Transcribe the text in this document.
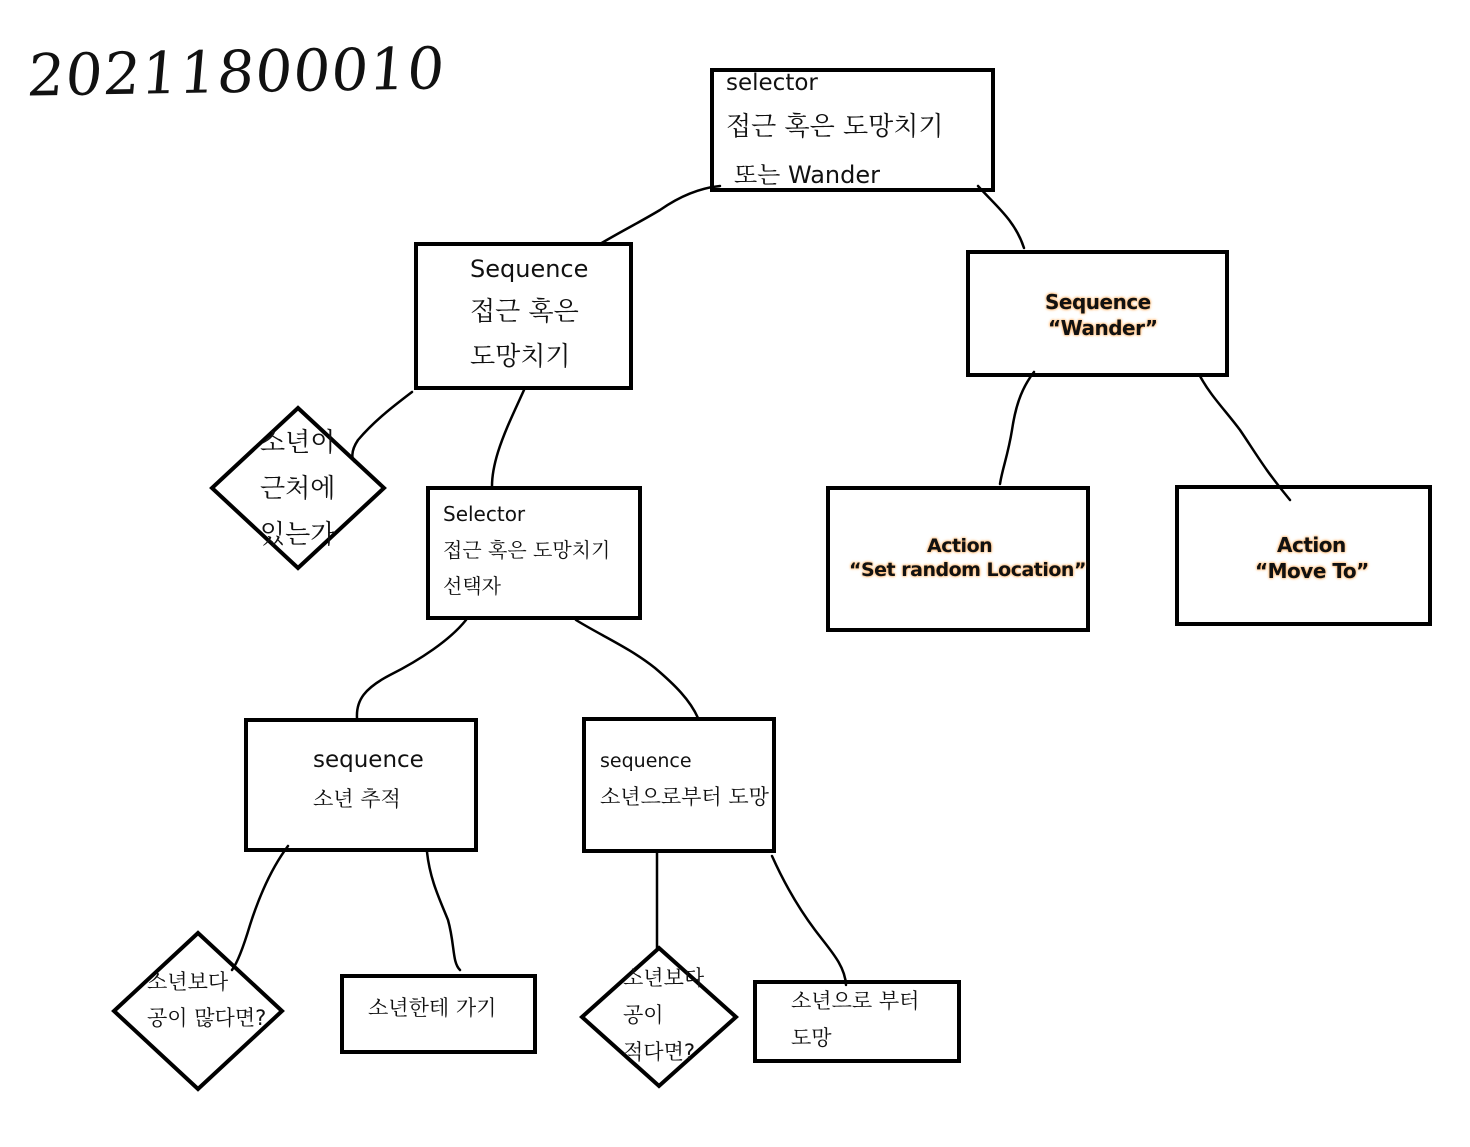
20211800010	selector
접근 혹은 도망치기
또는 Wander
Sequence
접근 혹은
도망치기
소년이
근처에
있는가
Selector
접근 혹은 도망치기
선택자
sequence
소년 추적
sequence
소년으로부터 도망
소년보다
공이 많다면?	소년한테 가기
소년보다
공이
적다면?
소년으로 부터
도망
Sequence
“Wander”
Action
“Set random Location”
Action
“Move To”
